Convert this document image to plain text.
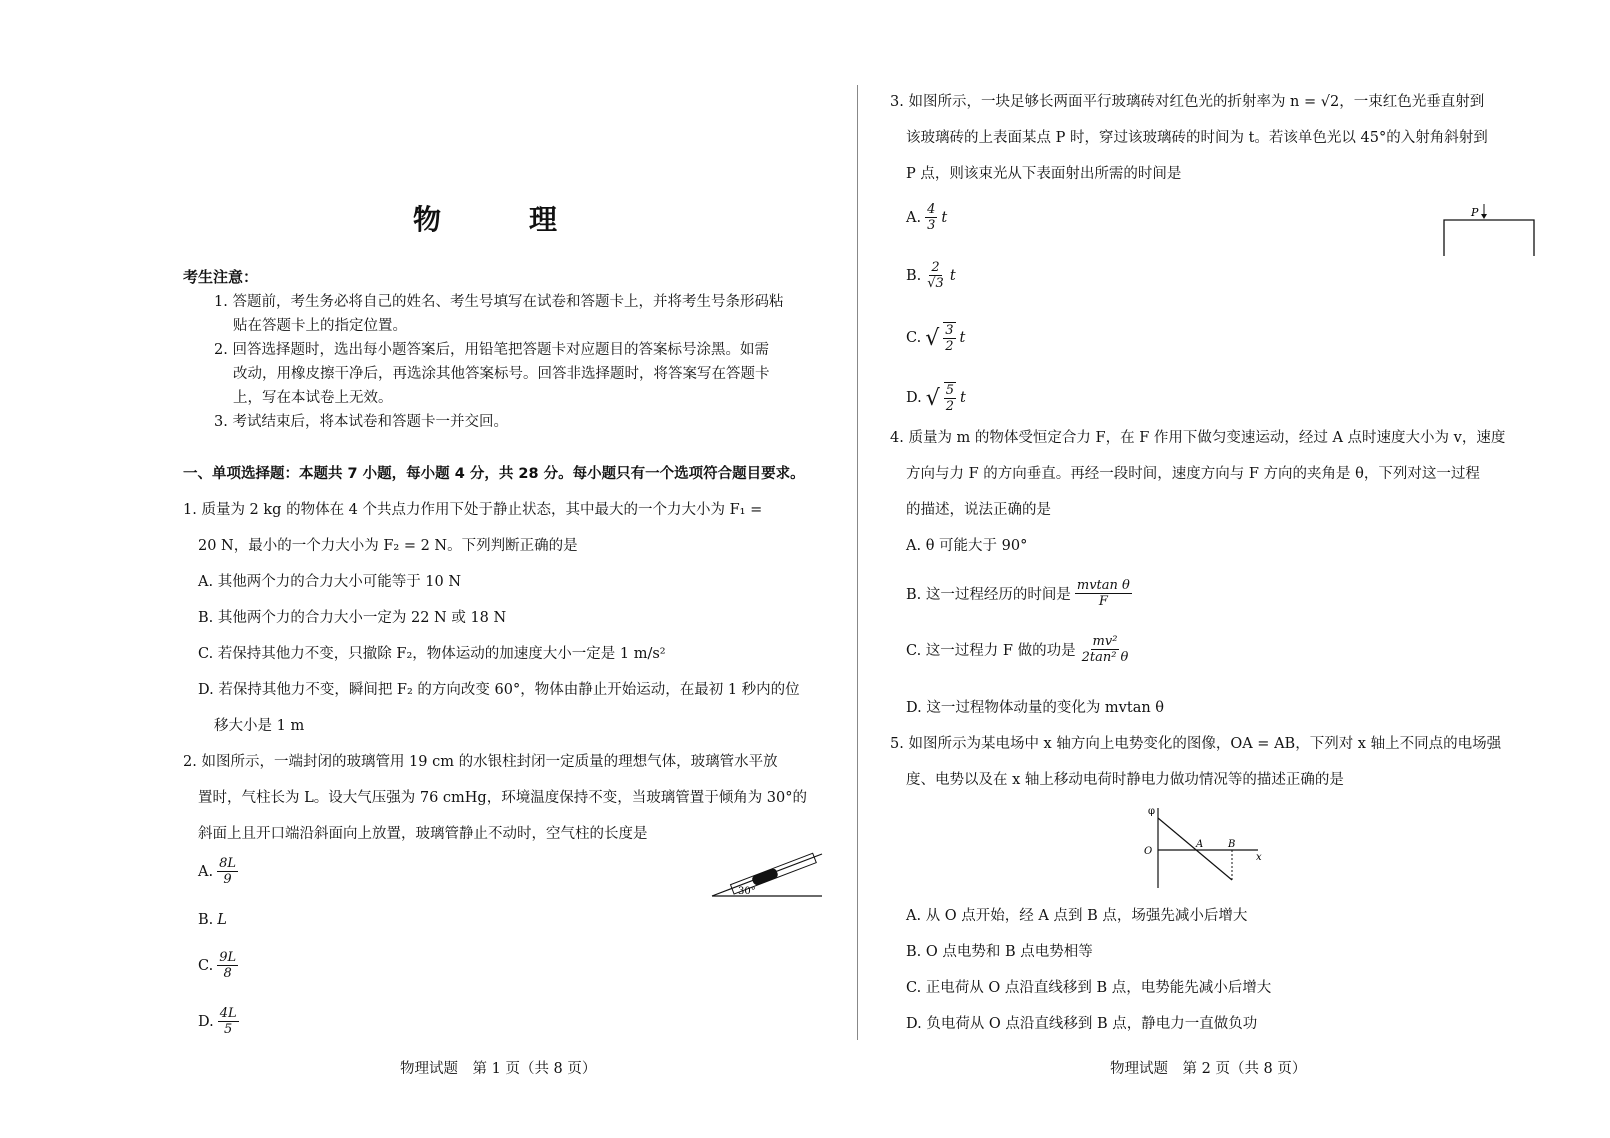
物　理
考生注意：
1. 答题前，考生务必将自己的姓名、考生号填写在试卷和答题卡上，并将考生号条形码粘
贴在答题卡上的指定位置。
2. 回答选择题时，选出每小题答案后，用铅笔把答题卡对应题目的答案标号涂黑。如需
改动，用橡皮擦干净后，再选涂其他答案标号。回答非选择题时，将答案写在答题卡
上，写在本试卷上无效。
3. 考试结束后，将本试卷和答题卡一并交回。
一、单项选择题：本题共 7 小题，每小题 4 分，共 28 分。每小题只有一个选项符合题目要求。
1. 质量为 2 kg 的物体在 4 个共点力作用下处于静止状态，其中最大的一个力大小为 F₁ =
20 N，最小的一个力大小为 F₂ = 2 N。下列判断正确的是
A. 其他两个力的合力大小可能等于 10 N
B. 其他两个力的合力大小一定为 22 N 或 18 N
C. 若保持其他力不变，只撤除 F₂，物体运动的加速度大小一定是 1 m/s²
D. 若保持其他力不变，瞬间把 F₂ 的方向改变 60°，物体由静止开始运动，在最初 1 秒内的位
移大小是 1 m
2. 如图所示，一端封闭的玻璃管用 19 cm 的水银柱封闭一定质量的理想气体，玻璃管水平放
置时，气柱长为 L。设大气压强为 76 cmHg，环境温度保持不变，当玻璃管置于倾角为 30°的
斜面上且开口端沿斜面向上放置，玻璃管静止不动时，空气柱的长度是
A. $\frac{8L}{9}$
B. L
C. $\frac{9L}{8}$
D. $\frac{4L}{5}$
30°
物理试题　第 1 页（共 8 页）
3. 如图所示，一块足够长两面平行玻璃砖对红色光的折射率为 n = √2，一束红色光垂直射到
该玻璃砖的上表面某点 P 时，穿过该玻璃砖的时间为 t。若该单色光以 45°的入射角斜射到
P 点，则该束光从下表面射出所需的时间是
A. $\frac{4}{3}$ t
B. $\frac{2}{√3}$ t
C. √ $\frac{3}{2}$ t
D. √ $\frac{5}{2}$ t
P
4. 质量为 m 的物体受恒定合力 F，在 F 作用下做匀变速运动，经过 A 点时速度大小为 v，速度
方向与力 F 的方向垂直。再经一段时间，速度方向与 F 方向的夹角是 θ，下列对这一过程
的描述，说法正确的是
A. θ 可能大于 90°
B. 这一过程经历的时间是 $\frac{\text{mvtan θ}}{F}$
C. 这一过程力 F 做的功是 $\frac{\text{mv²}}{\text{2tan² θ}}$
D. 这一过程物体动量的变化为 mvtan θ
5. 如图所示为某电场中 x 轴方向上电势变化的图像，OA = AB，下列对 x 轴上不同点的电场强
度、电势以及在 x 轴上移动电荷时静电力做功情况等的描述正确的是
φ
O
A B
x
A. 从 O 点开始，经 A 点到 B 点，场强先减小后增大
B. O 点电势和 B 点电势相等
C. 正电荷从 O 点沿直线移到 B 点，电势能先减小后增大
D. 负电荷从 O 点沿直线移到 B 点，静电力一直做负功
物理试题　第 2 页（共 8 页）
